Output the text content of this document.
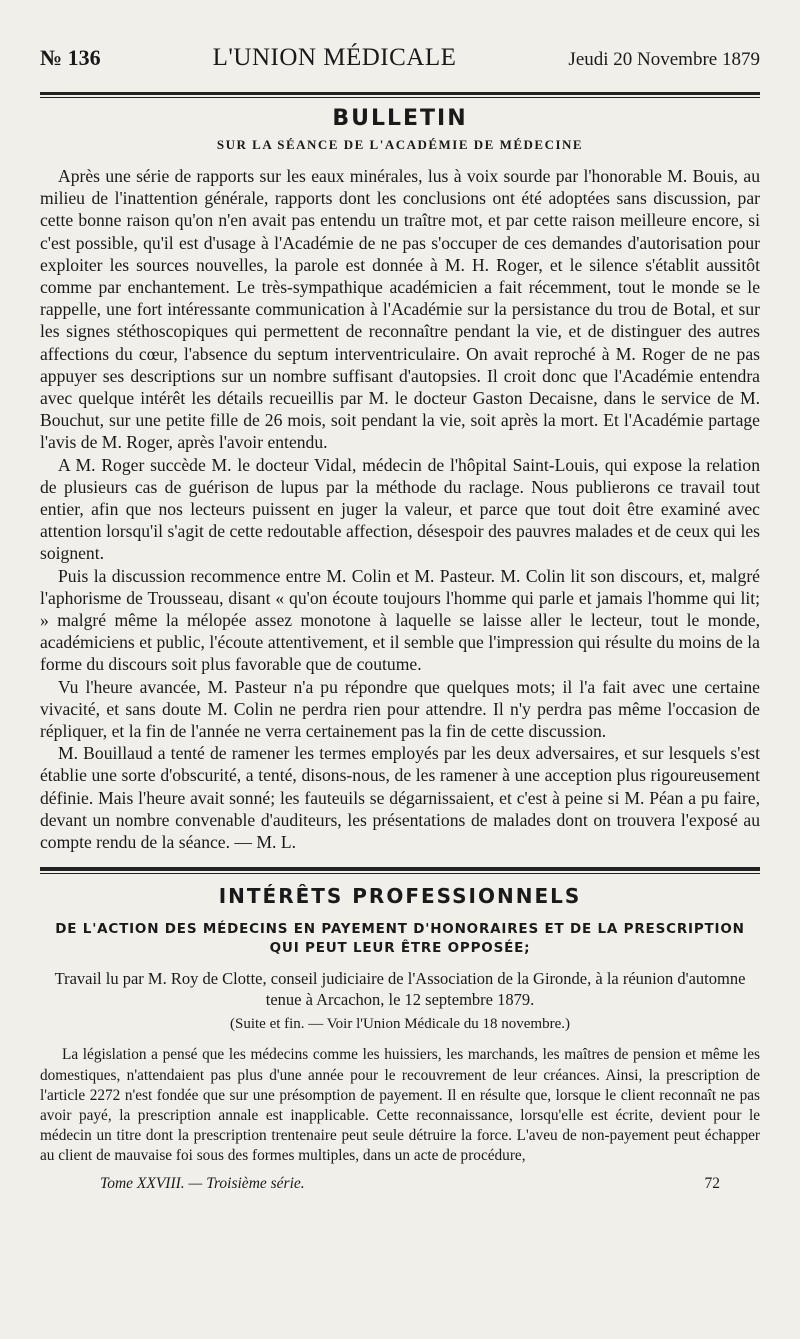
№ 136	L'UNION MÉDICALE	Jeudi 20 Novembre 1879
BULLETIN
SUR LA SÉANCE DE L'ACADÉMIE DE MÉDECINE

Après une série de rapports sur les eaux minérales, lus à voix sourde par l'honorable M. Bouis, au milieu de l'inattention générale, rapports dont les conclusions ont été adoptées sans discussion, par cette bonne raison qu'on n'en avait pas entendu un traître mot, et par cette raison meilleure encore, si c'est possible, qu'il est d'usage à l'Académie de ne pas s'occuper de ces demandes d'autorisation pour exploiter les sources nouvelles, la parole est donnée à M. H. Roger, et le silence s'établit aussitôt comme par enchantement. Le très-sympathique académicien a fait récemment, tout le monde se le rappelle, une fort intéressante communication à l'Académie sur la persistance du trou de Botal, et sur les signes stéthoscopiques qui permettent de reconnaître pendant la vie, et de distinguer des autres affections du cœur, l'absence du septum interventriculaire. On avait reproché à M. Roger de ne pas appuyer ses descriptions sur un nombre suffisant d'autopsies. Il croit donc que l'Académie entendra avec quelque intérêt les détails recueillis par M. le docteur Gaston Decaisne, dans le service de M. Bouchut, sur une petite fille de 26 mois, soit pendant la vie, soit après la mort. Et l'Académie partage l'avis de M. Roger, après l'avoir entendu.

A M. Roger succède M. le docteur Vidal, médecin de l'hôpital Saint-Louis, qui expose la relation de plusieurs cas de guérison de lupus par la méthode du raclage. Nous publierons ce travail tout entier, afin que nos lecteurs puissent en juger la valeur, et parce que tout doit être examiné avec attention lorsqu'il s'agit de cette redoutable affection, désespoir des pauvres malades et de ceux qui les soignent.

Puis la discussion recommence entre M. Colin et M. Pasteur. M. Colin lit son discours, et, malgré l'aphorisme de Trousseau, disant « qu'on écoute toujours l'homme qui parle et jamais l'homme qui lit; » malgré même la mélopée assez monotone à laquelle se laisse aller le lecteur, tout le monde, académiciens et public, l'écoute attentivement, et il semble que l'impression qui résulte du moins de la forme du discours soit plus favorable que de coutume.

Vu l'heure avancée, M. Pasteur n'a pu répondre que quelques mots; il l'a fait avec une certaine vivacité, et sans doute M. Colin ne perdra rien pour attendre. Il n'y perdra pas même l'occasion de répliquer, et la fin de l'année ne verra certainement pas la fin de cette discussion.

M. Bouillaud a tenté de ramener les termes employés par les deux adversaires, et sur lesquels s'est établie une sorte d'obscurité, a tenté, disons-nous, de les ramener à une acception plus rigoureusement définie. Mais l'heure avait sonné; les fauteuils se dégarnissaient, et c'est à peine si M. Péan a pu faire, devant un nombre convenable d'auditeurs, les présentations de malades dont on trouvera l'exposé au compte rendu de la séance. — M. L.

INTÉRÊTS PROFESSIONNELS
DE L'ACTION DES MÉDECINS EN PAYEMENT D'HONORAIRES ET DE LA PRESCRIPTION QUI PEUT LEUR ÊTRE OPPOSÉE;
Travail lu par M. Roy de Clotte, conseil judiciaire de l'Association de la Gironde, à la réunion d'automne tenue à Arcachon, le 12 septembre 1879.
(Suite et fin. — Voir l'Union Médicale du 18 novembre.)

La législation a pensé que les médecins comme les huissiers, les marchands, les maîtres de pension et même les domestiques, n'attendaient pas plus d'une année pour le recouvrement de leur créances. Ainsi, la prescription de l'article 2272 n'est fondée que sur une présomption de payement. Il en résulte que, lorsque le client reconnaît ne pas avoir payé, la prescription annale est inapplicable. Cette reconnaissance, lorsqu'elle est écrite, devient pour le médecin un titre dont la prescription trentenaire peut seule détruire la force. L'aveu de non-payement peut échapper au client de mauvaise foi sous des formes multiples, dans un acte de procédure,

Tome XXVIII. — Troisième série.	72
